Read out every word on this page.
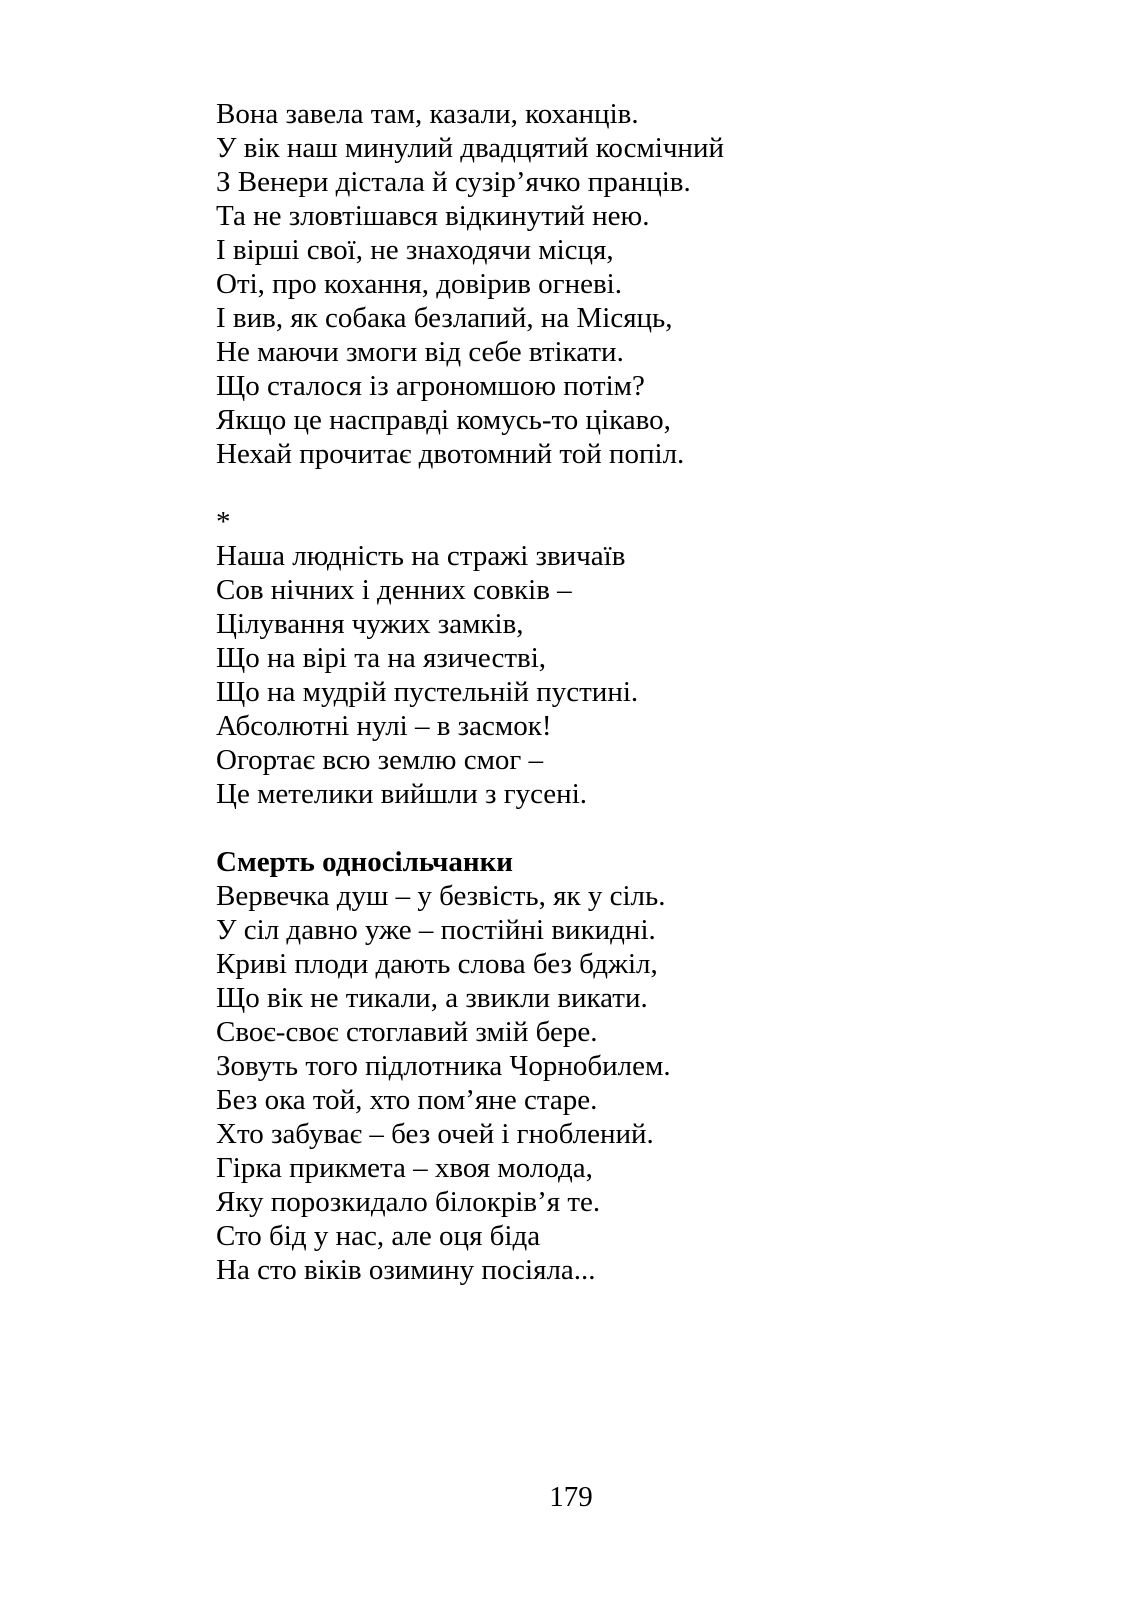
Вона завела там, казали, коханців.
У вік наш минулий двадцятий космічний
З Венери дістала й сузір’ячко пранців.
Та не зловтішався відкинутий нею.
І вірші свої, не знаходячи місця,
Оті, про кохання, довірив огневі.
І вив, як собака безлапий, на Місяць,
Не маючи змоги від себе втікати.
Що сталося із агрономшою потім?
Якщо це насправді комусь-то цікаво,
Нехай прочитає двотомний той попіл.
*
Наша людність на стражі звичаїв
Сов нічних і денних совків –
Цілування чужих замків,
Що на вірі та на язичестві,
Що на мудрій пустельній пустині.
Абсолютні нулі – в засмок!
Огортає всю землю смог –
Це метелики вийшли з гусені.
Смерть односільчанки
Вервечка душ – у безвість, як у сіль.
У сіл давно уже – постійні викидні.
Криві плоди дають слова без бджіл,
Що вік не тикали, а звикли викати.
Своє-своє стоглавий змій бере.
Зовуть того підлотника Чорнобилем.
Без ока той, хто пом’яне старе.
Хто забуває – без очей і гноблений.
Гірка прикмета – хвоя молода,
Яку порозкидало білокрів’я те.
Сто бід у нас, але оця біда
На сто віків озимину посіяла...
179
